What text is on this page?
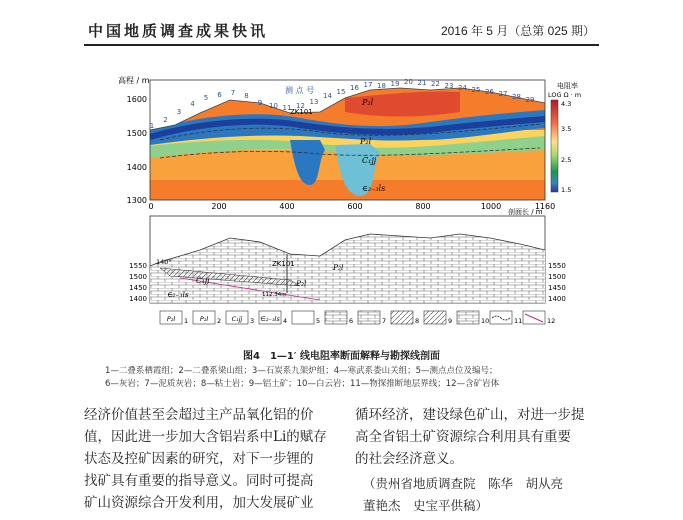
中国地质调查成果快讯	2016 年 5 月（总第 025 期）
高程 / m
1600
1500
1400
1300
0	200	400	600	800	1000	1160
剖面长 / m
测 点 号
1
2
3
4
5 6 7 8
9 10 11 12 13
14 15 16 17 18 19 20 21 22 23 24 25 26 27 28 29
ZK101
P₂l
P₂l
C₁jj
∈₂₋₃ls
电阻率
LOG Ω · m
4.3
3.5
2.5
1.5
1550
1500
1450
1400
1550
1500
1450
1400
ZK101
112.34m
140°
C₁jj
∈₂₋₃ls
P₂l
P₂l
P₂l 1 P₂l 2 C₁jj 3 ∈₂₋₃ls 4	5	6	7	8	9	10	11	12
图4　1—1′ 线电阻率断面解释与勘探线剖面
1—二叠系栖霞组；2—二叠系梁山组；3—石炭系九架炉组；4—寒武系娄山关组；5—测点点位及编号；
6—灰岩；7—泥质灰岩；8—粘土岩；9—铝土矿；10—白云岩；11—物探推断地层界线；12—含矿岩体
经济价值甚至会超过主产品氧化铝的价
值，因此进一步加大含铝岩系中Li的赋存
状态及控矿因素的研究，对下一步锂的
找矿具有重要的指导意义。同时可提高
矿山资源综合开发利用，加大发展矿业
循环经济，建设绿色矿山，对进一步提
高全省铝土矿资源综合利用具有重要
的社会经济意义。
（贵州省地质调查院　陈华　胡从亮
董艳杰　史宝平供稿）
